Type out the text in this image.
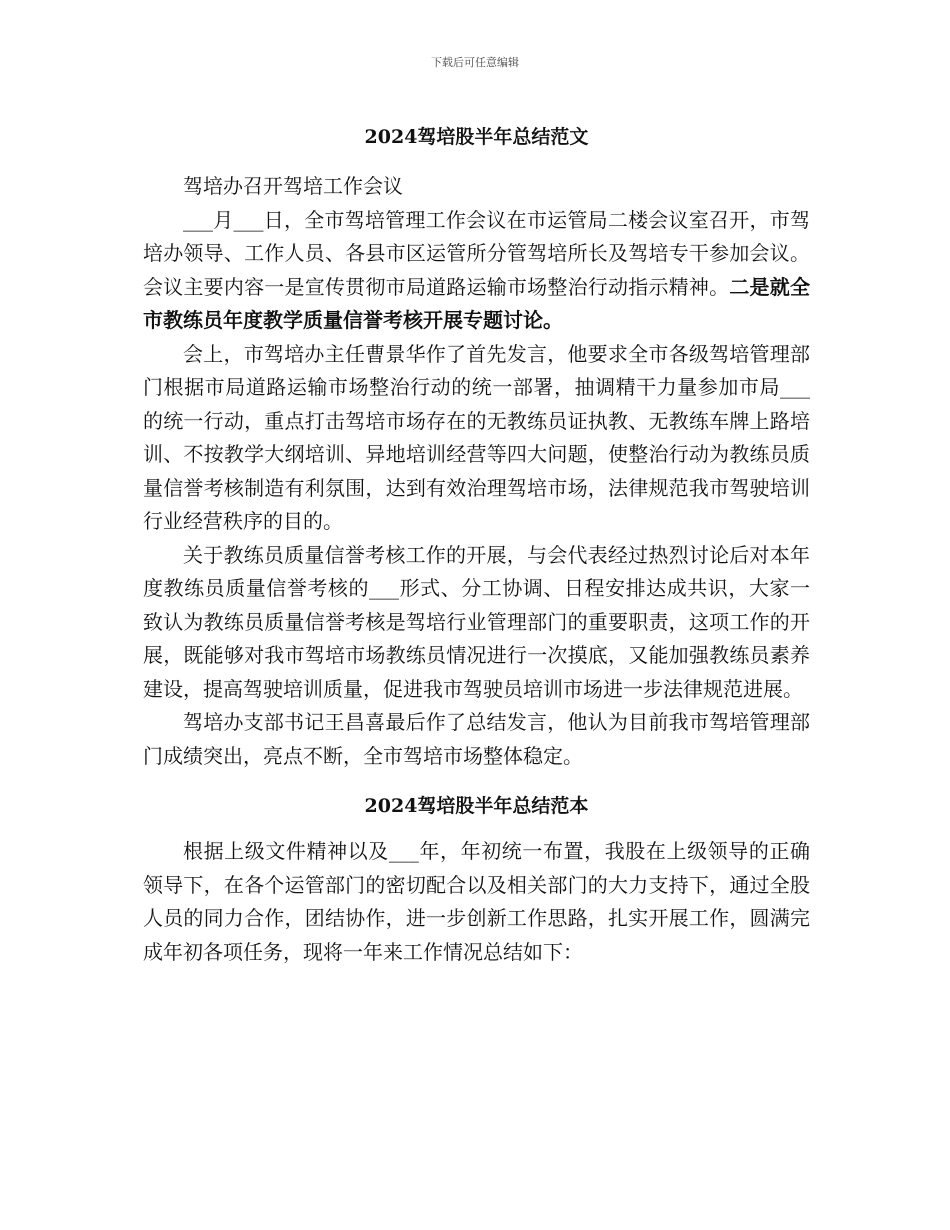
下载后可任意编辑
2024驾培股半年总结范文

驾培办召开驾培工作会议

___月___日，全市驾培管理工作会议在市运管局二楼会议室召开，市驾培办领导、工作人员、各县市区运管所分管驾培所长及驾培专干参加会议。会议主要内容一是宣传贯彻市局道路运输市场整治行动指示精神。二是就全市教练员年度教学质量信誉考核开展专题讨论。

会上，市驾培办主任曹景华作了首先发言，他要求全市各级驾培管理部门根据市局道路运输市场整治行动的统一部署，抽调精干力量参加市局___的统一行动，重点打击驾培市场存在的无教练员证执教、无教练车牌上路培训、不按教学大纲培训、异地培训经营等四大问题，使整治行动为教练员质量信誉考核制造有利氛围，达到有效治理驾培市场，法律规范我市驾驶培训行业经营秩序的目的。

关于教练员质量信誉考核工作的开展，与会代表经过热烈讨论后对本年度教练员质量信誉考核的___形式、分工协调、日程安排达成共识，大家一致认为教练员质量信誉考核是驾培行业管理部门的重要职责，这项工作的开展，既能够对我市驾培市场教练员情况进行一次摸底，又能加强教练员素养建设，提高驾驶培训质量，促进我市驾驶员培训市场进一步法律规范进展。

驾培办支部书记王昌喜最后作了总结发言，他认为目前我市驾培管理部门成绩突出，亮点不断，全市驾培市场整体稳定。

2024驾培股半年总结范本

根据上级文件精神以及___年，年初统一布置，我股在上级领导的正确领导下，在各个运管部门的密切配合以及相关部门的大力支持下，通过全股人员的同力合作，团结协作，进一步创新工作思路，扎实开展工作，圆满完成年初各项任务，现将一年来工作情况总结如下：
